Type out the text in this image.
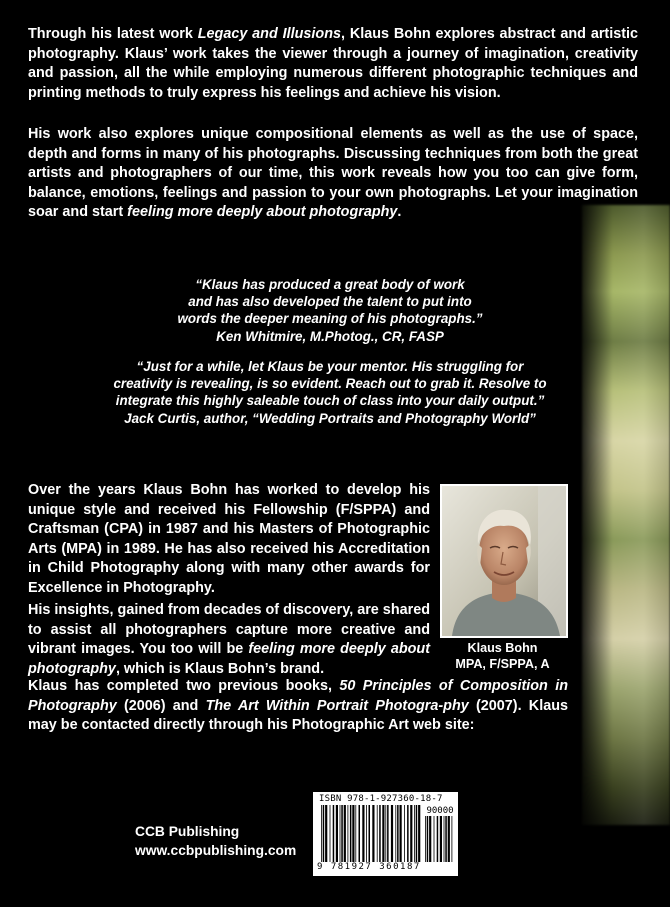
Through his latest work Legacy and Illusions, Klaus Bohn explores abstract and artistic photography. Klaus’ work takes the viewer through a journey of imagination, creativity and passion, all the while employing numerous different photographic techniques and printing methods to truly express his feelings and achieve his vision.

His work also explores unique compositional elements as well as the use of space, depth and forms in many of his photographs. Discussing techniques from both the great artists and photographers of our time, this work reveals how you too can give form, balance, emotions, feelings and passion to your own photographs. Let your imagination soar and start feeling more deeply about photography.

“Klaus has produced a great body of work
and has also developed the talent to put into
words the deeper meaning of his photographs.”
Ken Whitmire, M.Photog., CR, FASP

“Just for a while, let Klaus be your mentor. His struggling for
creativity is revealing, is so evident. Reach out to grab it. Resolve to
integrate this highly saleable touch of class into your daily output.”
Jack Curtis, author, “Wedding Portraits and Photography World”

Over the years Klaus Bohn has worked to develop his unique style and received his Fellowship (F/SPPA) and Craftsman (CPA) in 1987 and his Masters of Photographic Arts (MPA) in 1989. He has also received his Accreditation in Child Photography along with many other awards for Excellence in Photography.

His insights, gained from decades of discovery, are shared to assist all photographers capture more creative and vibrant images. You too will be feeling more deeply about photography, which is Klaus Bohn’s brand.

Klaus has completed two previous books, 50 Principles of Composition in Photography (2006) and The Art Within Portrait Photogra-phy (2007). Klaus may be contacted directly through his Photographic Art web site:

Klaus Bohn
MPA, F/SPPA, A
CCB Publishing
www.ccbpublishing.com
ISBN 978-1-927360-18-7
90000
9 781927 360187
